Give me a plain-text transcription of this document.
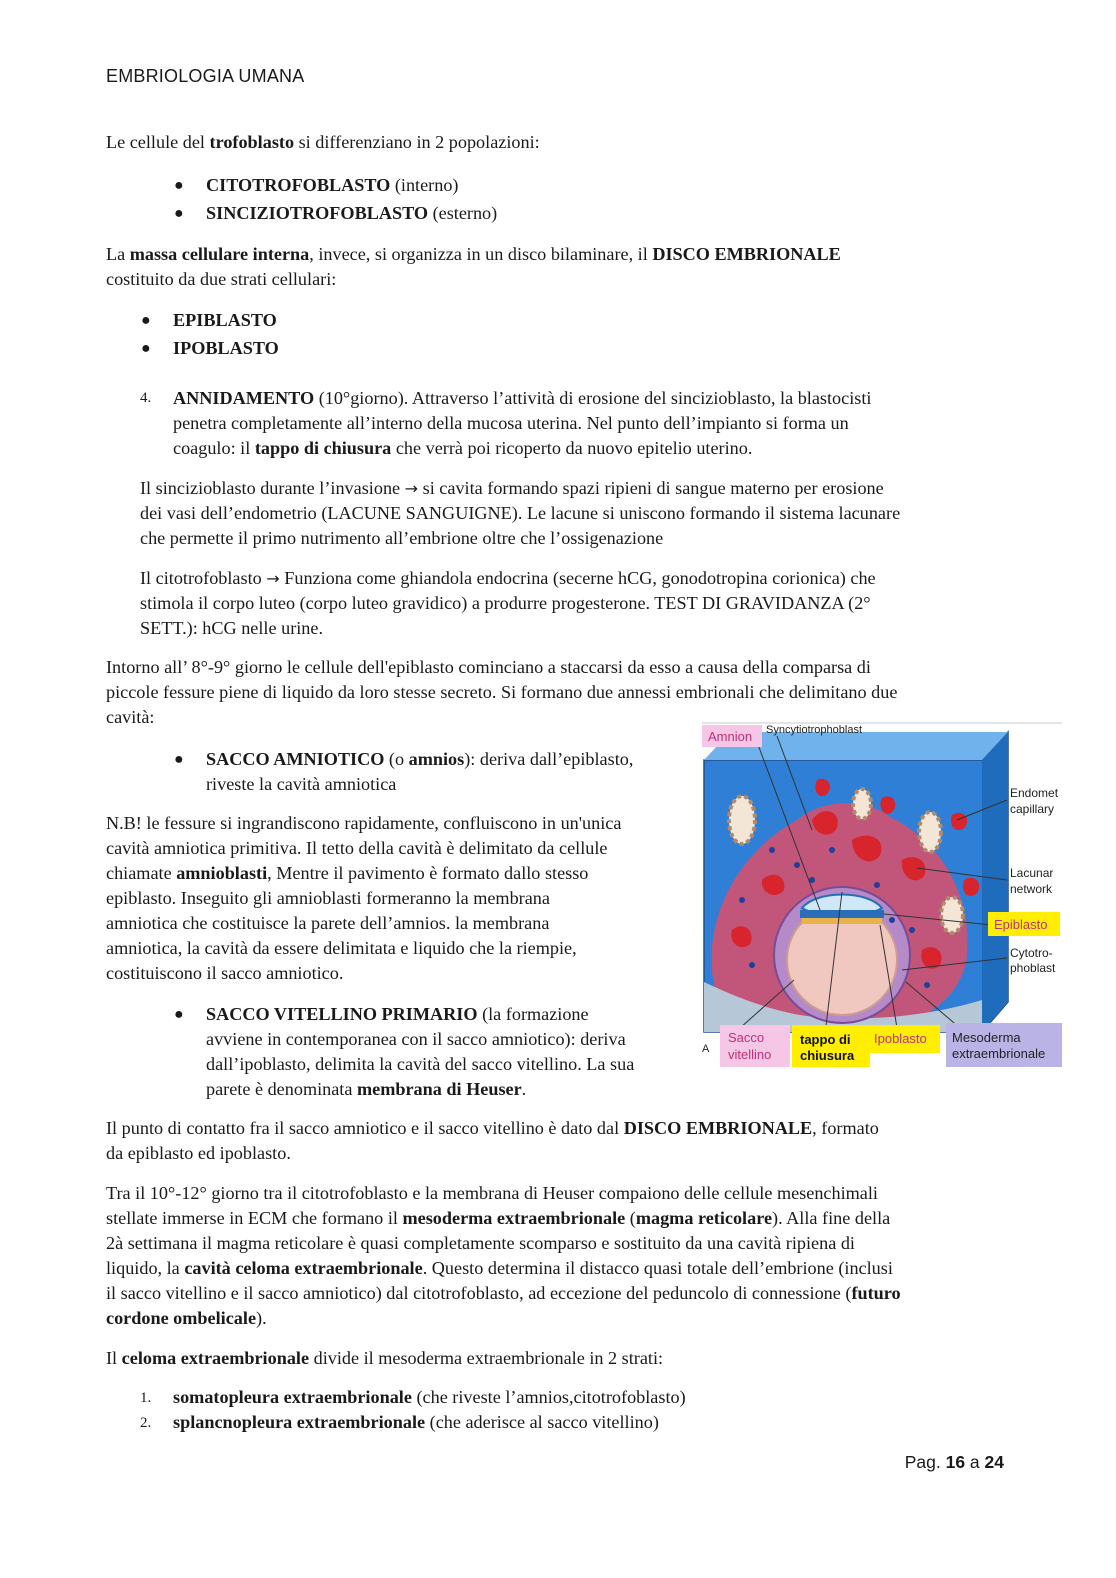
EMBRIOLOGIA UMANA

Le cellule del trofoblasto si differenziano in 2 popolazioni:

● CITOTROFOBLASTO (interno)
● SINCIZIOTROFOBLASTO (esterno)

La massa cellulare interna, invece, si organizza in un disco bilaminare, il DISCO EMBRIONALE
costituito da due strati cellulari:

● EPIBLASTO
● IPOBLASTO
4. ANNIDAMENTO (10°giorno). Attraverso l’attività di erosione del sincizioblasto, la blastocisti
penetra completamente all’interno della mucosa uterina. Nel punto dell’impianto si forma un
coagulo: il tappo di chiusura che verrà poi ricoperto da nuovo epitelio uterino.

Il sincizioblasto durante l’invasione → si cavita formando spazi ripieni di sangue materno per erosione
dei vasi dell’endometrio (LACUNE SANGUIGNE). Le lacune si uniscono formando il sistema lacunare
che permette il primo nutrimento all’embrione oltre che l’ossigenazione

Il citotrofoblasto → Funziona come ghiandola endocrina (secerne hCG, gonodotropina corionica) che
stimola il corpo luteo (corpo luteo gravidico) a produrre progesterone. TEST DI GRAVIDANZA (2°
SETT.): hCG nelle urine.

Intorno all’ 8°-9° giorno le cellule dell'epiblasto cominciano a staccarsi da esso a causa della comparsa di
piccole fessure piene di liquido da loro stesse secreto. Si formano due annessi embrionali che delimitano due
cavità:

● SACCO AMNIOTICO (o amnios): deriva dall’epiblasto,
riveste la cavità amniotica

N.B! le fessure si ingrandiscono rapidamente, confluiscono in un'unica
cavità amniotica primitiva. Il tetto della cavità è delimitato da cellule
chiamate amnioblasti, Mentre il pavimento è formato dallo stesso
epiblasto. Inseguito gli amnioblasti formeranno la membrana
amniotica che costituisce la parete dell’amnios. la membrana
amniotica, la cavità da essere delimitata e liquido che la riempie,
costituiscono il sacco amniotico.

● SACCO VITELLINO PRIMARIO (la formazione
avviene in contemporanea con il sacco amniotico): deriva
dall’ipoblasto, delimita la cavità del sacco vitellino. La sua
parete è denominata membrana di Heuser.

Il punto di contatto fra il sacco amniotico e il sacco vitellino è dato dal DISCO EMBRIONALE, formato
da epiblasto ed ipoblasto.

Tra il 10°-12° giorno tra il citotrofoblasto e la membrana di Heuser compaiono delle cellule mesenchimali
stellate immerse in ECM che formano il mesoderma extraembrionale (magma reticolare). Alla fine della
2à settimana il magma reticolare è quasi completamente scomparso e sostituito da una cavità ripiena di
liquido, la cavità celoma extraembrionale. Questo determina il distacco quasi totale dell’embrione (inclusi
il sacco vitellino e il sacco amniotico) dal citotrofoblasto, ad eccezione del peduncolo di connessione (futuro
cordone ombelicale).

Il celoma extraembrionale divide il mesoderma extraembrionale in 2 strati:

1. somatopleura extraembrionale (che riveste l’amnios,citotrofoblasto)
2. splancnopleura extraembrionale (che aderisce al sacco vitellino)
Amnion Syncytiotrophoblast
Endomet
capillary
Lacunar
network
Epiblasto
Cytotro-
phoblast
A
Sacco
vitellino
tappo di
chiusura
Ipoblasto Mesoderma
extraembrionale
Pag. 16 a 24
